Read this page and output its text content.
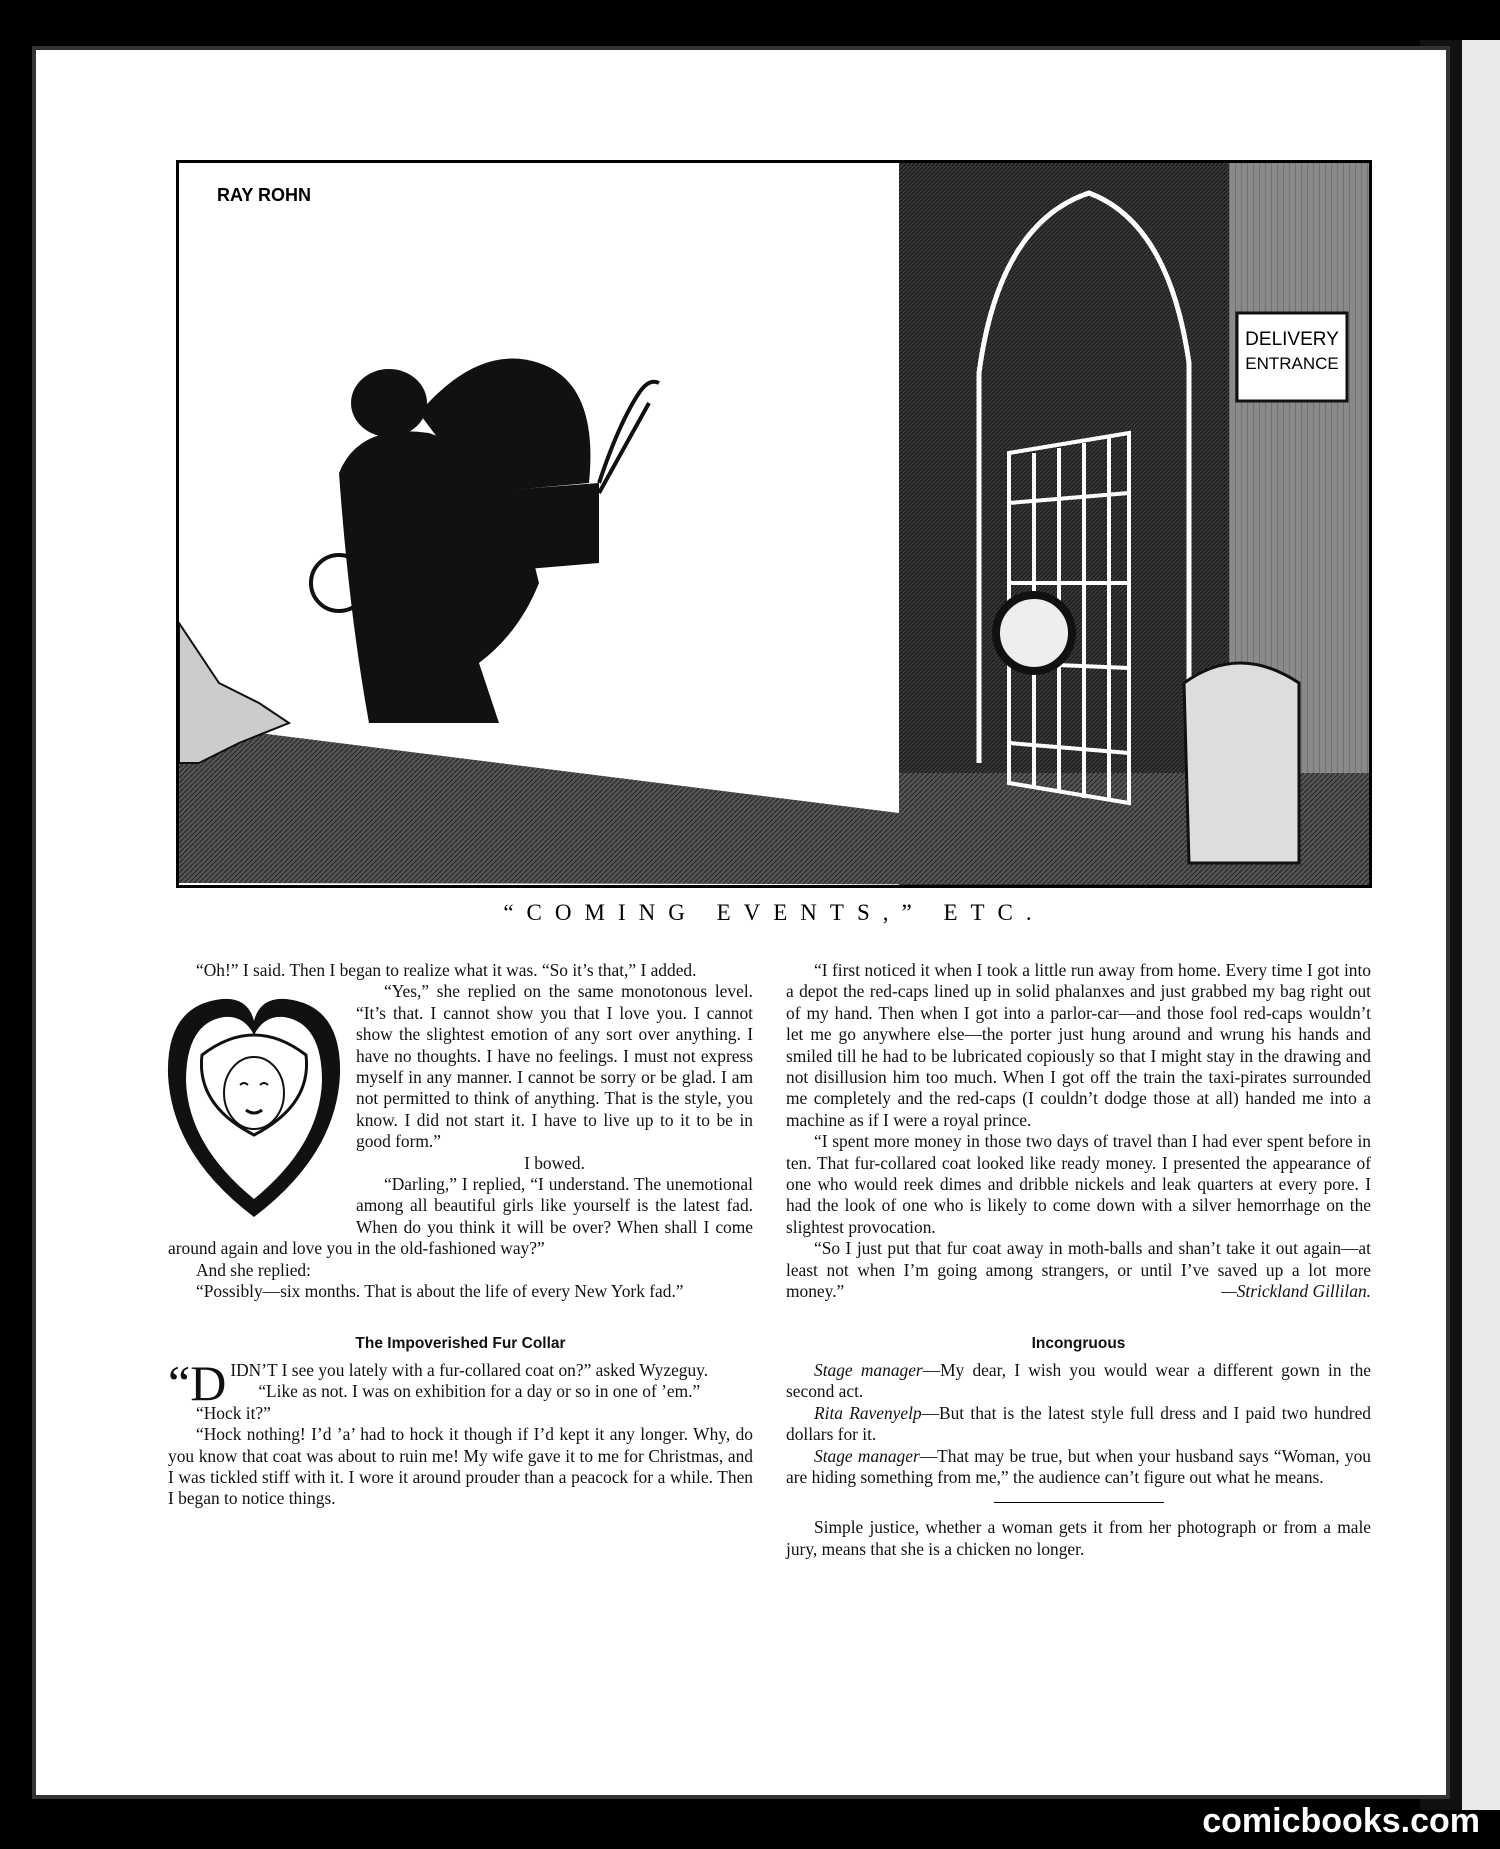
DELIVERY
ENTRANCE
RAY ROHN
“COMING EVENTS,” ETC.

“Oh!” I said. Then I began to realize what it was. “So it’s that,” I added.

“Yes,” she replied on the same monotonous level. “It’s that. I cannot show you that I love you. I cannot show the slightest emotion of any sort over anything. I have no thoughts. I have no feelings. I must not express myself in any manner. I cannot be sorry or be glad. I am not permitted to think of anything. That is the style, you know. I did not start it. I have to live up to it to be in good form.”

I bowed.

“Darling,” I replied, “I understand. The unemotional among all beautiful girls like yourself is the latest fad. When do you think it will be over? When shall I come around again and love you in the old-fashioned way?”

And she replied:

“Possibly—six months. That is about the life of every New York fad.”

The Impoverished Fur Collar

“DIDN’T I see you lately with a fur-collared coat on?” asked Wyzeguy.

“Like as not. I was on exhibition for a day or so in one of ’em.”

“Hock it?”

“Hock nothing! I’d ’a’ had to hock it though if I’d kept it any longer. Why, do you know that coat was about to ruin me! My wife gave it to me for Christmas, and I was tickled stiff with it. I wore it around prouder than a peacock for a while. Then I began to notice things.

“I first noticed it when I took a little run away from home. Every time I got into a depot the red-caps lined up in solid phalanxes and just grabbed my bag right out of my hand. Then when I got into a parlor-car—and those fool red-caps wouldn’t let me go anywhere else—the porter just hung around and wrung his hands and smiled till he had to be lubricated copiously so that I might stay in the drawing and not disillusion him too much. When I got off the train the taxi-pirates surrounded me completely and the red-caps (I couldn’t dodge those at all) handed me into a machine as if I were a royal prince.

“I spent more money in those two days of travel than I had ever spent before in ten. That fur-collared coat looked like ready money. I presented the appearance of one who would reek dimes and dribble nickels and leak quarters at every pore. I had the look of one who is likely to come down with a silver hemorrhage on the slightest provocation.

“So I just put that fur coat away in moth-balls and shan’t take it out again—at least not when I’m going among strangers, or until I’ve saved up a lot more money.”	—Strickland Gillilan.

Incongruous

Stage manager—My dear, I wish you would wear a different gown in the second act.

Rita Ravenyelp—But that is the latest style full dress and I paid two hundred dollars for it.

Stage manager—That may be true, but when your husband says “Woman, you are hiding something from me,” the audience can’t figure out what he means.

Simple justice, whether a woman gets it from her photograph or from a male jury, means that she is a chicken no longer.

comicbooks.com
